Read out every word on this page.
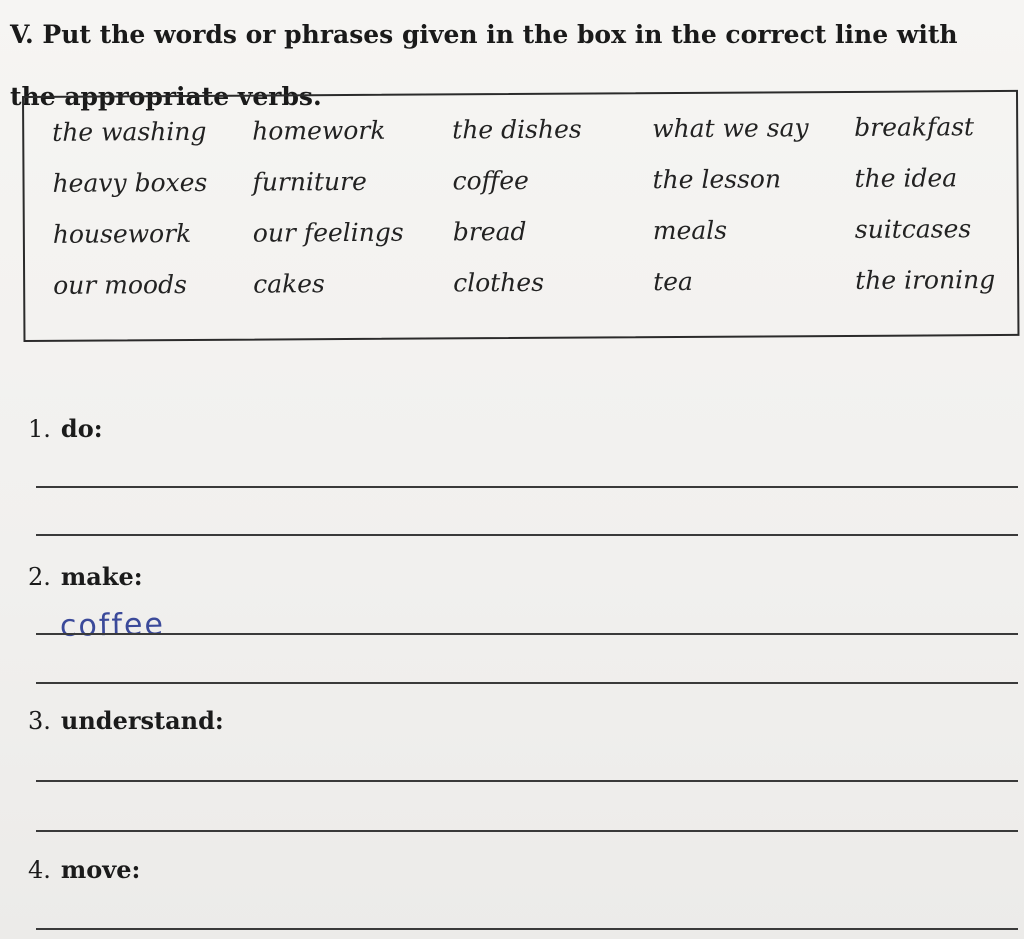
V. Put the words or phrases given in the box in the correct line with the appropriate verbs.
the washing	homework	the dishes	what we say	breakfast
heavy boxes	furniture	coffee	the lesson	the idea
housework	our feelings	bread	meals	suitcases
our moods	cakes	clothes	tea	the ironing
1. do:
2. make:
coffee
3. understand:
4. move:
